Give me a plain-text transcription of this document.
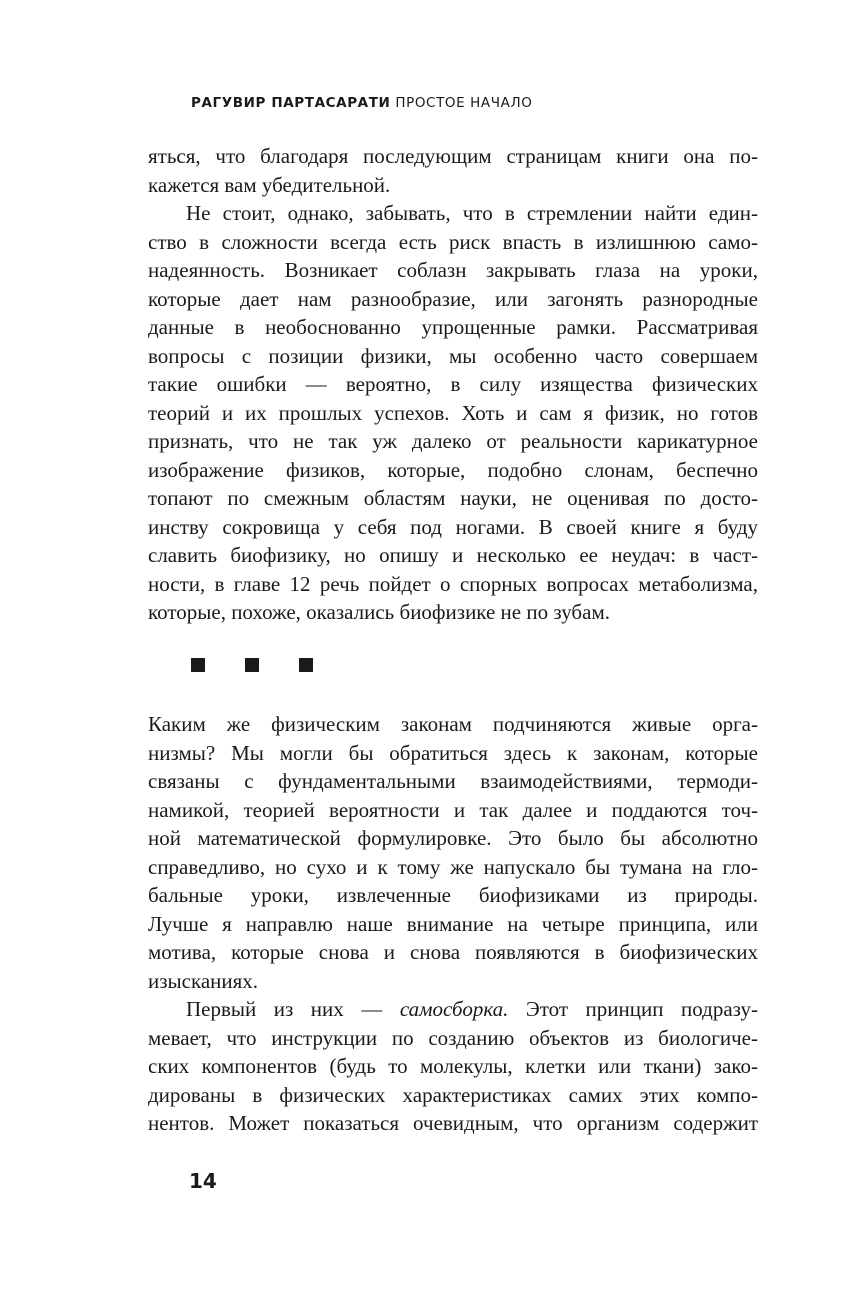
РАГУВИР ПАРТАСАРАТИ ПРОСТОЕ НАЧАЛО
яться, что благодаря последующим страницам книги она по-
кажется вам убедительной.
Не стоит, однако, забывать, что в стремлении найти един-
ство в сложности всегда есть риск впасть в излишнюю само-
надеянность. Возникает соблазн закрывать глаза на уроки,
которые дает нам разнообразие, или загонять разнородные
данные в необоснованно упрощенные рамки. Рассматривая
вопросы с позиции физики, мы особенно часто совершаем
такие ошибки — вероятно, в силу изящества физических
теорий и их прошлых успехов. Хоть и сам я физик, но готов
признать, что не так уж далеко от реальности карикатурное
изображение физиков, которые, подобно слонам, беспечно
топают по смежным областям науки, не оценивая по досто-
инству сокровища у себя под ногами. В своей книге я буду
славить биофизику, но опишу и несколько ее неудач: в част-
ности, в главе 12 речь пойдет о спорных вопросах метаболизма,
которые, похоже, оказались биофизике не по зубам.
Каким же физическим законам подчиняются живые орга-
низмы? Мы могли бы обратиться здесь к законам, которые
связаны с фундаментальными взаимодействиями, термоди-
намикой, теорией вероятности и так далее и поддаются точ-
ной математической формулировке. Это было бы абсолютно
справедливо, но сухо и к тому же напускало бы тумана на гло-
бальные уроки, извлеченные биофизиками из природы.
Лучше я направлю наше внимание на четыре принципа, или
мотива, которые снова и снова появляются в биофизических
изысканиях.
Первый из них — самосборка. Этот принцип подразу-
мевает, что инструкции по созданию объектов из биологиче-
ских компонентов (будь то молекулы, клетки или ткани) зако-
дированы в физических характеристиках самих этих компо-
нентов. Может показаться очевидным, что организм содержит
14
